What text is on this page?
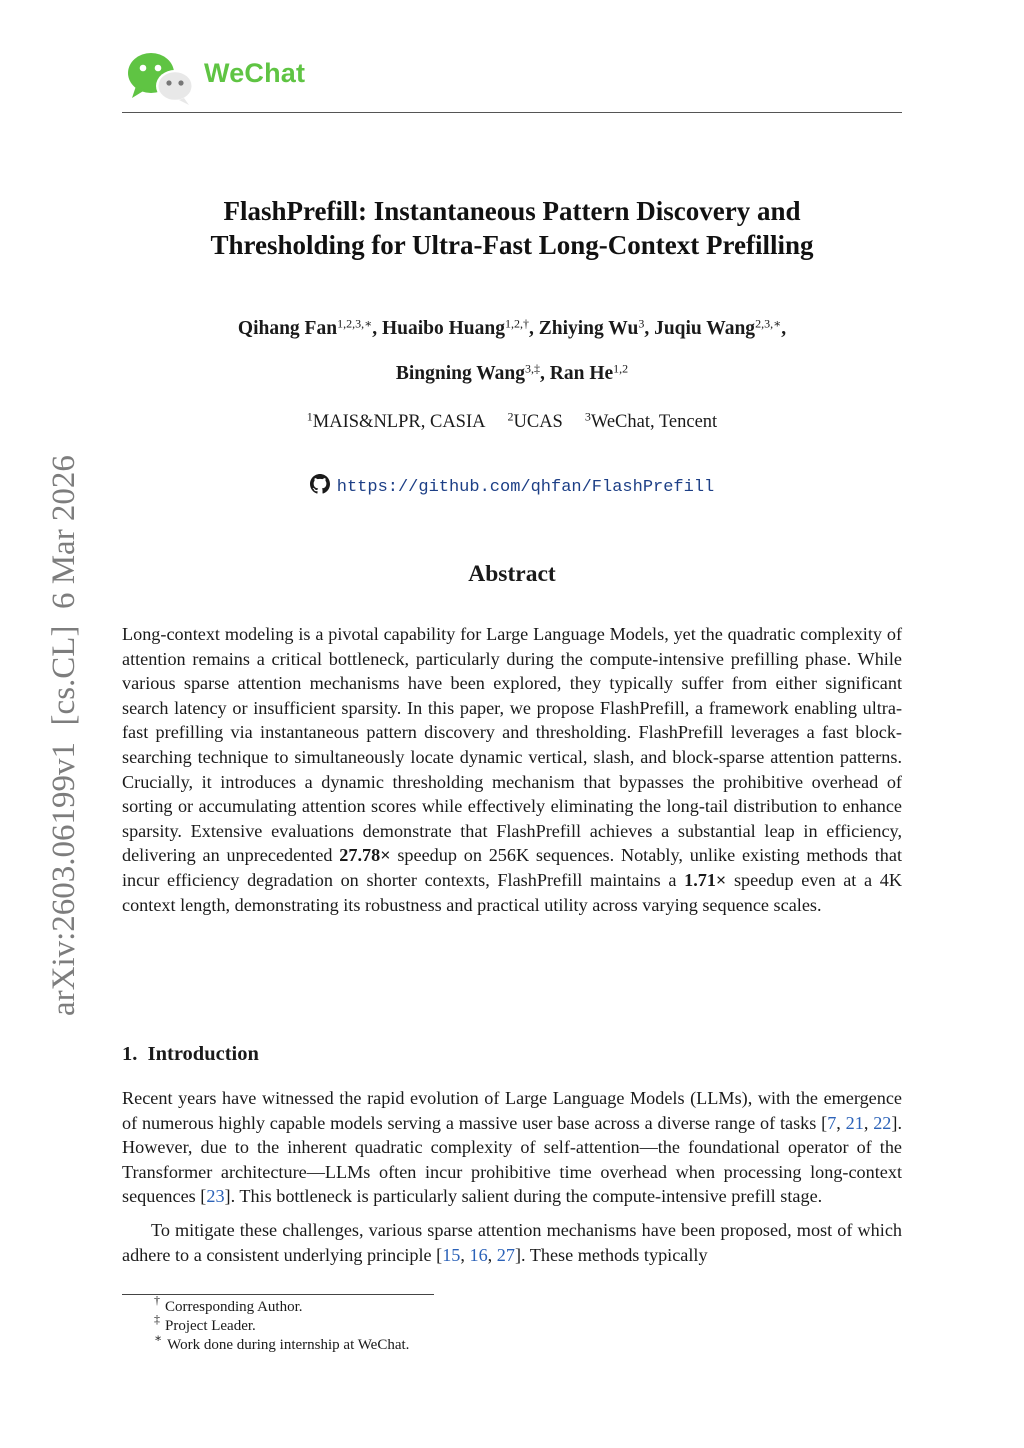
WeChat
arXiv:2603.06199v1  [cs.CL]  6 Mar 2026
FlashPrefill: Instantaneous Pattern Discovery and
Thresholding for Ultra-Fast Long-Context Prefilling
Qihang Fan$^{1,2,3,∗}$, Huaibo Huang$^{1,2,\dagger}$, Zhiying Wu$^3$, Juqiu Wang$^{2,3,∗}$,
Bingning Wang$^{3,\ddagger}$, Ran He$^{1,2}$
$^1$MAIS&NLPR, CASIA $^2$UCAS $^3$WeChat, Tencent
https://github.com/qhfan/FlashPrefill
Abstract

Long-context modeling is a pivotal capability for Large Language Models, yet the quadratic complexity of attention remains a critical bottleneck, particularly during the compute-intensive prefilling phase. While various sparse attention mechanisms have been explored, they typically suffer from either significant search latency or insufficient sparsity. In this paper, we propose FlashPrefill, a framework enabling ultra-fast prefilling via instantaneous pattern discovery and thresholding. FlashPrefill leverages a fast block-searching technique to simultaneously locate dynamic vertical, slash, and block-sparse attention patterns. Crucially, it introduces a dynamic thresholding mechanism that bypasses the prohibitive overhead of sorting or accumulating attention scores while effectively eliminating the long-tail distribution to enhance sparsity. Extensive evaluations demonstrate that FlashPrefill achieves a substantial leap in efficiency, delivering an unprecedented 27.78× speedup on 256K sequences. Notably, unlike existing methods that incur efficiency degradation on shorter contexts, FlashPrefill maintains a 1.71× speedup even at a 4K context length, demonstrating its robustness and practical utility across varying sequence scales.

1. Introduction

Recent years have witnessed the rapid evolution of Large Language Models (LLMs), with the emergence of numerous highly capable models serving a massive user base across a diverse range of tasks [7, 21, 22]. However, due to the inherent quadratic complexity of self-attention—the foundational operator of the Transformer architecture—LLMs often incur prohibitive time overhead when processing long-context sequences [23]. This bottleneck is particularly salient during the compute-intensive prefill stage.

To mitigate these challenges, various sparse attention mechanisms have been proposed, most of which adhere to a consistent underlying principle [15, 16, 27]. These methods typically

† Corresponding Author.
‡ Project Leader.
∗ Work done during internship at WeChat.
